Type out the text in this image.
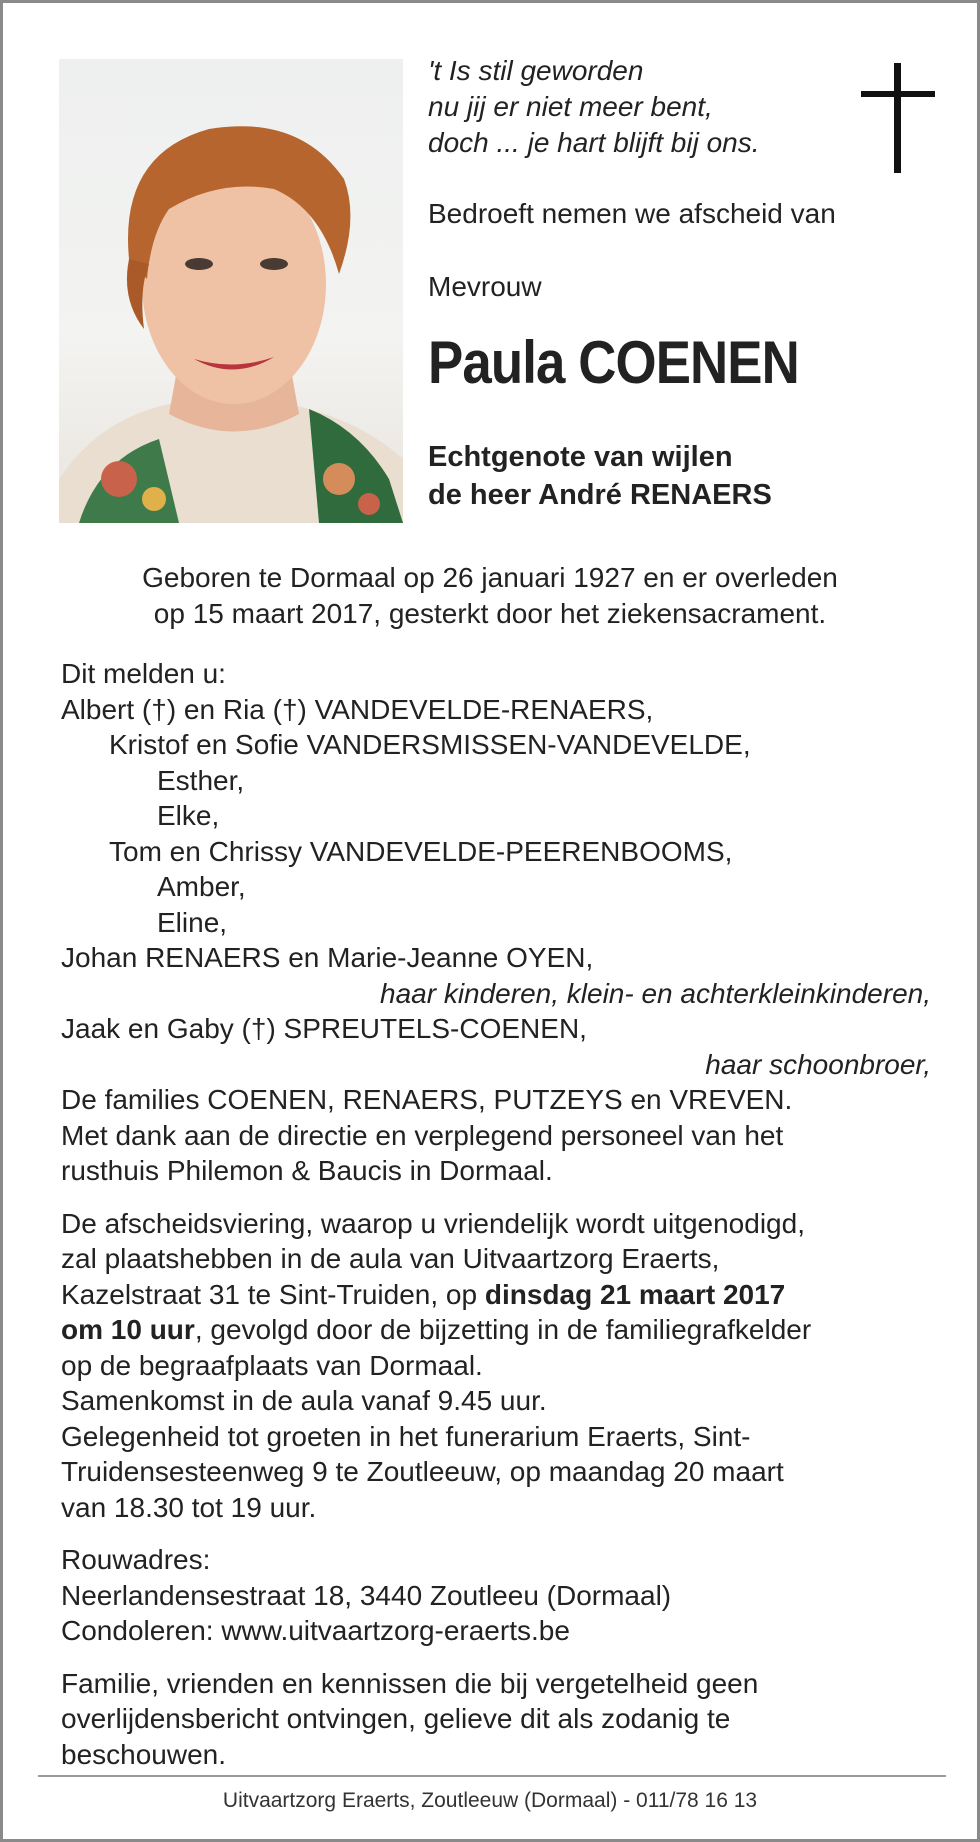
't Is stil geworden
nu jij er niet meer bent,
doch ... je hart blijft bij ons.
Bedroeft nemen we afscheid van
Mevrouw
Paula COENEN
Echtgenote van wijlen
de heer André RENAERS
Geboren te Dormaal op 26 januari 1927 en er overleden
op 15 maart 2017, gesterkt door het ziekensacrament.

Dit melden u:

Albert (†) en Ria (†) VANDEVELDE-RENAERS,

Kristof en Sofie VANDERSMISSEN-VANDEVELDE,

Esther,

Elke,

Tom en Chrissy VANDEVELDE-PEERENBOOMS,

Amber,

Eline,

Johan RENAERS en Marie-Jeanne OYEN,

haar kinderen, klein- en achterkleinkinderen,

Jaak en Gaby (†) SPREUTELS-COENEN,

haar schoonbroer,

De families COENEN, RENAERS, PUTZEYS en VREVEN.

Met dank aan de directie en verplegend personeel van het

rusthuis Philemon & Baucis in Dormaal.

De afscheidsviering, waarop u vriendelijk wordt uitgenodigd,

zal plaatshebben in de aula van Uitvaartzorg Eraerts,

Kazelstraat 31 te Sint-Truiden, op dinsdag 21 maart 2017

om 10 uur, gevolgd door de bijzetting in de familiegrafkelder

op de begraafplaats van Dormaal.

Samenkomst in de aula vanaf 9.45 uur.

Gelegenheid tot groeten in het funerarium Eraerts, Sint-

Truidensesteenweg 9 te Zoutleeuw, op maandag 20 maart

van 18.30 tot 19 uur.

Rouwadres:

Neerlandensestraat 18, 3440 Zoutleeu (Dormaal)

Condoleren: www.uitvaartzorg-eraerts.be

Familie, vrienden en kennissen die bij vergetelheid geen

overlijdensbericht ontvingen, gelieve dit als zodanig te

beschouwen.

Uitvaartzorg Eraerts, Zoutleeuw (Dormaal) - 011/78 16 13
